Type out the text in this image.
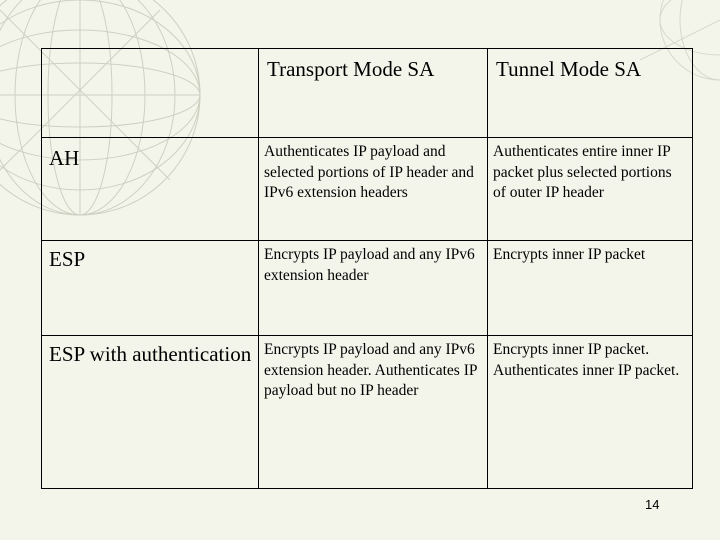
	Transport Mode SA	Tunnel Mode SA
AH	Authenticates IP payload and selected portions of IP header and IPv6 extension headers	Authenticates entire inner IP packet plus selected portions of outer IP header
ESP	Encrypts IP payload and any IPv6 extension header	Encrypts inner IP packet
ESP with authentication	Encrypts IP payload and any IPv6 extension header. Authenticates IP payload but no IP header	Encrypts inner IP packet. Authenticates inner IP packet.
14
